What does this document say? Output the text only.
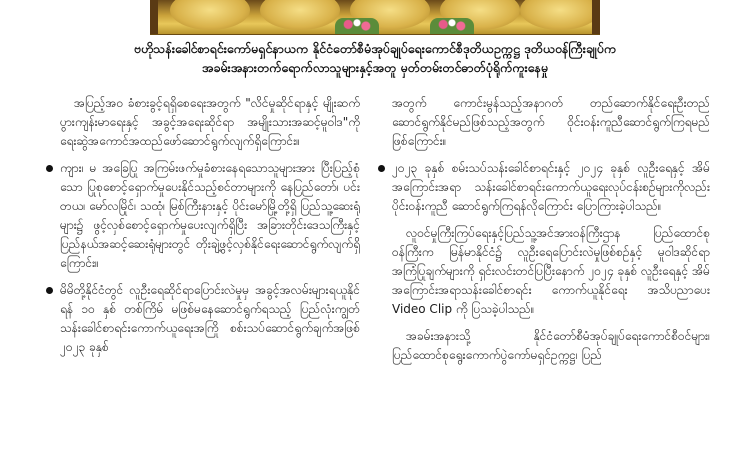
ဗဟိုသန်းခေါင်စာရင်းကော်မရှင်နာယက နိုင်ငံတော်စီမံအုပ်ချုပ်ရေးကောင်စီဒုတိယဥက္ကဋ္ဌ ဒုတိယဝန်ကြီးချုပ်က
အခမ်းအနားတက်ရောက်လာသူများနှင့်အတူ မှတ်တမ်းတင်ဓာတ်ပုံရိုက်ကူးနေမှု

အပြည့်အဝ ခံစားခွင့်ရရှိစေရေးအတွက် "လိင်မှုဆိုင်ရာနှင့် မျိုးဆက်ပွားကျန်းမာရေးနှင့် အခွင့်အရေးဆိုင်ရာ အမျိုးသားအဆင့်မူဝါဒ"ကို ရေးဆွဲအကောင်အထည်ဖော်ဆောင်ရွက်လျက်ရှိကြောင်း။

ကျား၊ မ အခြေပြု အကြမ်းဖက်မှုခံစားနေရသောသူများအား ပြီးပြည့်စုံသော ပြုစုစောင့်ရှောက်မှုပေးနိုင်သည့်စင်တာများကို နေပြည်တော်၊ ပင်းတယ၊ မော်လမြိုင်၊ သထုံ၊ မြစ်ကြီးနားနှင့် ပိုင်းမော်မြို့တို့ရှိ ပြည်သူ့ဆေးရုံများ၌ ဖွင့်လှစ်စောင့်ရှောက်မှုပေးလျက်ရှိပြီး အခြားတိုင်းဒေသကြီးနှင့် ပြည်နယ်အဆင့်ဆေးရုံများတွင် တိုးချဲ့ဖွင့်လှစ်နိုင်ရေးဆောင်ရွက်လျက်ရှိကြောင်း။

မိမိတို့နိုင်ငံတွင် လူဦးရေဆိုင်ရာပြောင်းလဲမှုမှ အခွင့်အလမ်းများရယူနိုင်ရန် ၁၀ နှစ် တစ်ကြိမ် မဖြစ်မနေဆောင်ရွက်ရသည့် ပြည်လုံးကျွတ်သန်းခေါင်စာရင်းကောက်ယူရေးအကြို စစ်းသပ်ဆောင်ရွက်ချက်အဖြစ် ၂၀၂၃ ခုနှစ်

အတွက် ကောင်းမွန်သည့်အနာဂတ် တည်ဆောက်နိုင်ရေးဦးတည်ဆောင်ရွက်နိုင်မည်ဖြစ်သည့်အတွက် ဝိုင်းဝန်းကူညီဆောင်ရွက်ကြရမည် ဖြစ်ကြောင်း။

၂၀၂၃ ခုနှစ် စမ်းသပ်သန်းခေါင်စာရင်းနှင့် ၂၀၂၄ ခုနှစ် လူဦးရေနှင့် အိမ်အကြောင်းအရာ သန်းခေါင်စာရင်းကောက်ယူရေးလုပ်ငန်းစဉ်များကိုလည်း ပိုင်းဝန်းကူညီ ဆောင်ရွက်ကြရန်လိုကြောင်း ပြောကြားခဲ့ပါသည်။

လူဝင်မှုကြီးကြပ်ရေးနှင့်ပြည်သူ့အင်အားဝန်ကြီးဌာန ပြည်ထောင်စုဝန်ကြီးက မြန်မာနိုင်ငံ၌ လူဦးရေပြောင်းလဲမှုဖြစ်စဉ်နှင့် မူဝါဒဆိုင်ရာ အကြံပြုချက်များကို ရှင်းလင်းတင်ပြပြီးနောက် ၂၀၂၄ ခုနှစ် လူဦးရေနှင့် အိမ်အကြောင်းအရာသန်းခေါင်စာရင်း ကောက်ယူနိုင်ရေး အသိပညာပေး Video Clip ကို ပြသခဲ့ပါသည်။

အခမ်းအနားသို့ နိုင်ငံတော်စီမံအုပ်ချုပ်ရေးကောင်စီဝင်များ၊ ပြည်ထောင်စုရွေးကောက်ပွဲကော်မရှင်ဥက္ကဋ္ဌ၊ ပြည်
